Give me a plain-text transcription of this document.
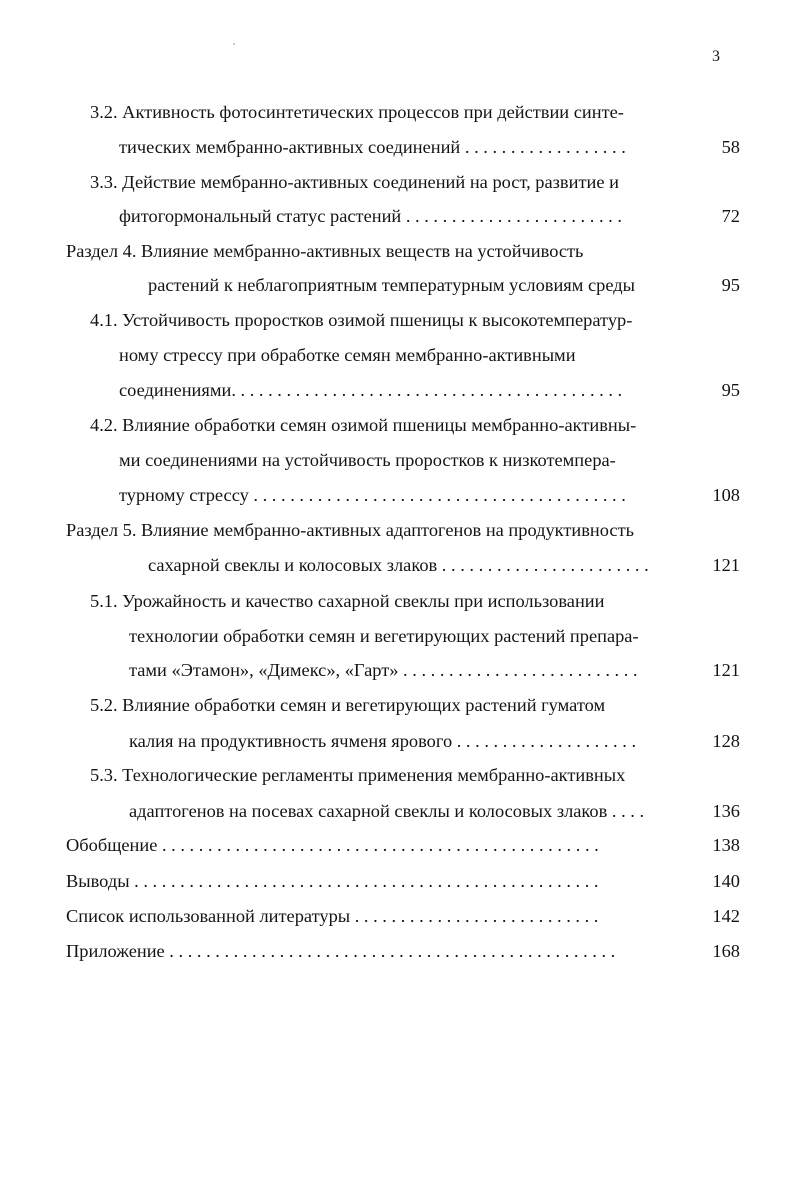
3
3.2. Активность фотосинтетических процессов при действии синте-
тических мембранно-активных соединений . . . . . . . . . . . . . . . . . .	58
3.3. Действие мембранно-активных соединений на рост, развитие и
фитогормональный статус растений . . . . . . . . . . . . . . . . . . . . . . . .	72
Раздел 4. Влияние мембранно-активных веществ на устойчивость
растений к неблагоприятным температурным условиям среды	95
4.1. Устойчивость проростков озимой пшеницы к высокотемператур-
ному стрессу при обработке семян мембранно-активными
соединениями. . . . . . . . . . . . . . . . . . . . . . . . . . . . . . . . . . . . . . . . . . .	95
4.2. Влияние обработки семян озимой пшеницы мембранно-активны-
ми соединениями на устойчивость проростков к низкотемпера-
турному стрессу . . . . . . . . . . . . . . . . . . . . . . . . . . . . . . . . . . . . . . . . .	108
Раздел 5. Влияние мембранно-активных адаптогенов на продуктивность
сахарной свеклы и колосовых злаков . . . . . . . . . . . . . . . . . . . . . . .	121
5.1. Урожайность и качество сахарной свеклы при использовании
технологии обработки семян и вегетирующих растений препара-
тами «Этамон», «Димекс», «Гарт» . . . . . . . . . . . . . . . . . . . . . . . . . .	121
5.2. Влияние обработки семян и вегетирующих растений гуматом
калия на продуктивность ячменя ярового . . . . . . . . . . . . . . . . . . . .	128
5.3. Технологические регламенты применения мембранно-активных
адаптогенов на посевах сахарной свеклы и колосовых злаков . . . .	136
Обобщение . . . . . . . . . . . . . . . . . . . . . . . . . . . . . . . . . . . . . . . . . . . . . . . .	138
Выводы . . . . . . . . . . . . . . . . . . . . . . . . . . . . . . . . . . . . . . . . . . . . . . . . . . .	140
Список использованной литературы . . . . . . . . . . . . . . . . . . . . . . . . . . .	142
Приложение . . . . . . . . . . . . . . . . . . . . . . . . . . . . . . . . . . . . . . . . . . . . . . . . .	168
